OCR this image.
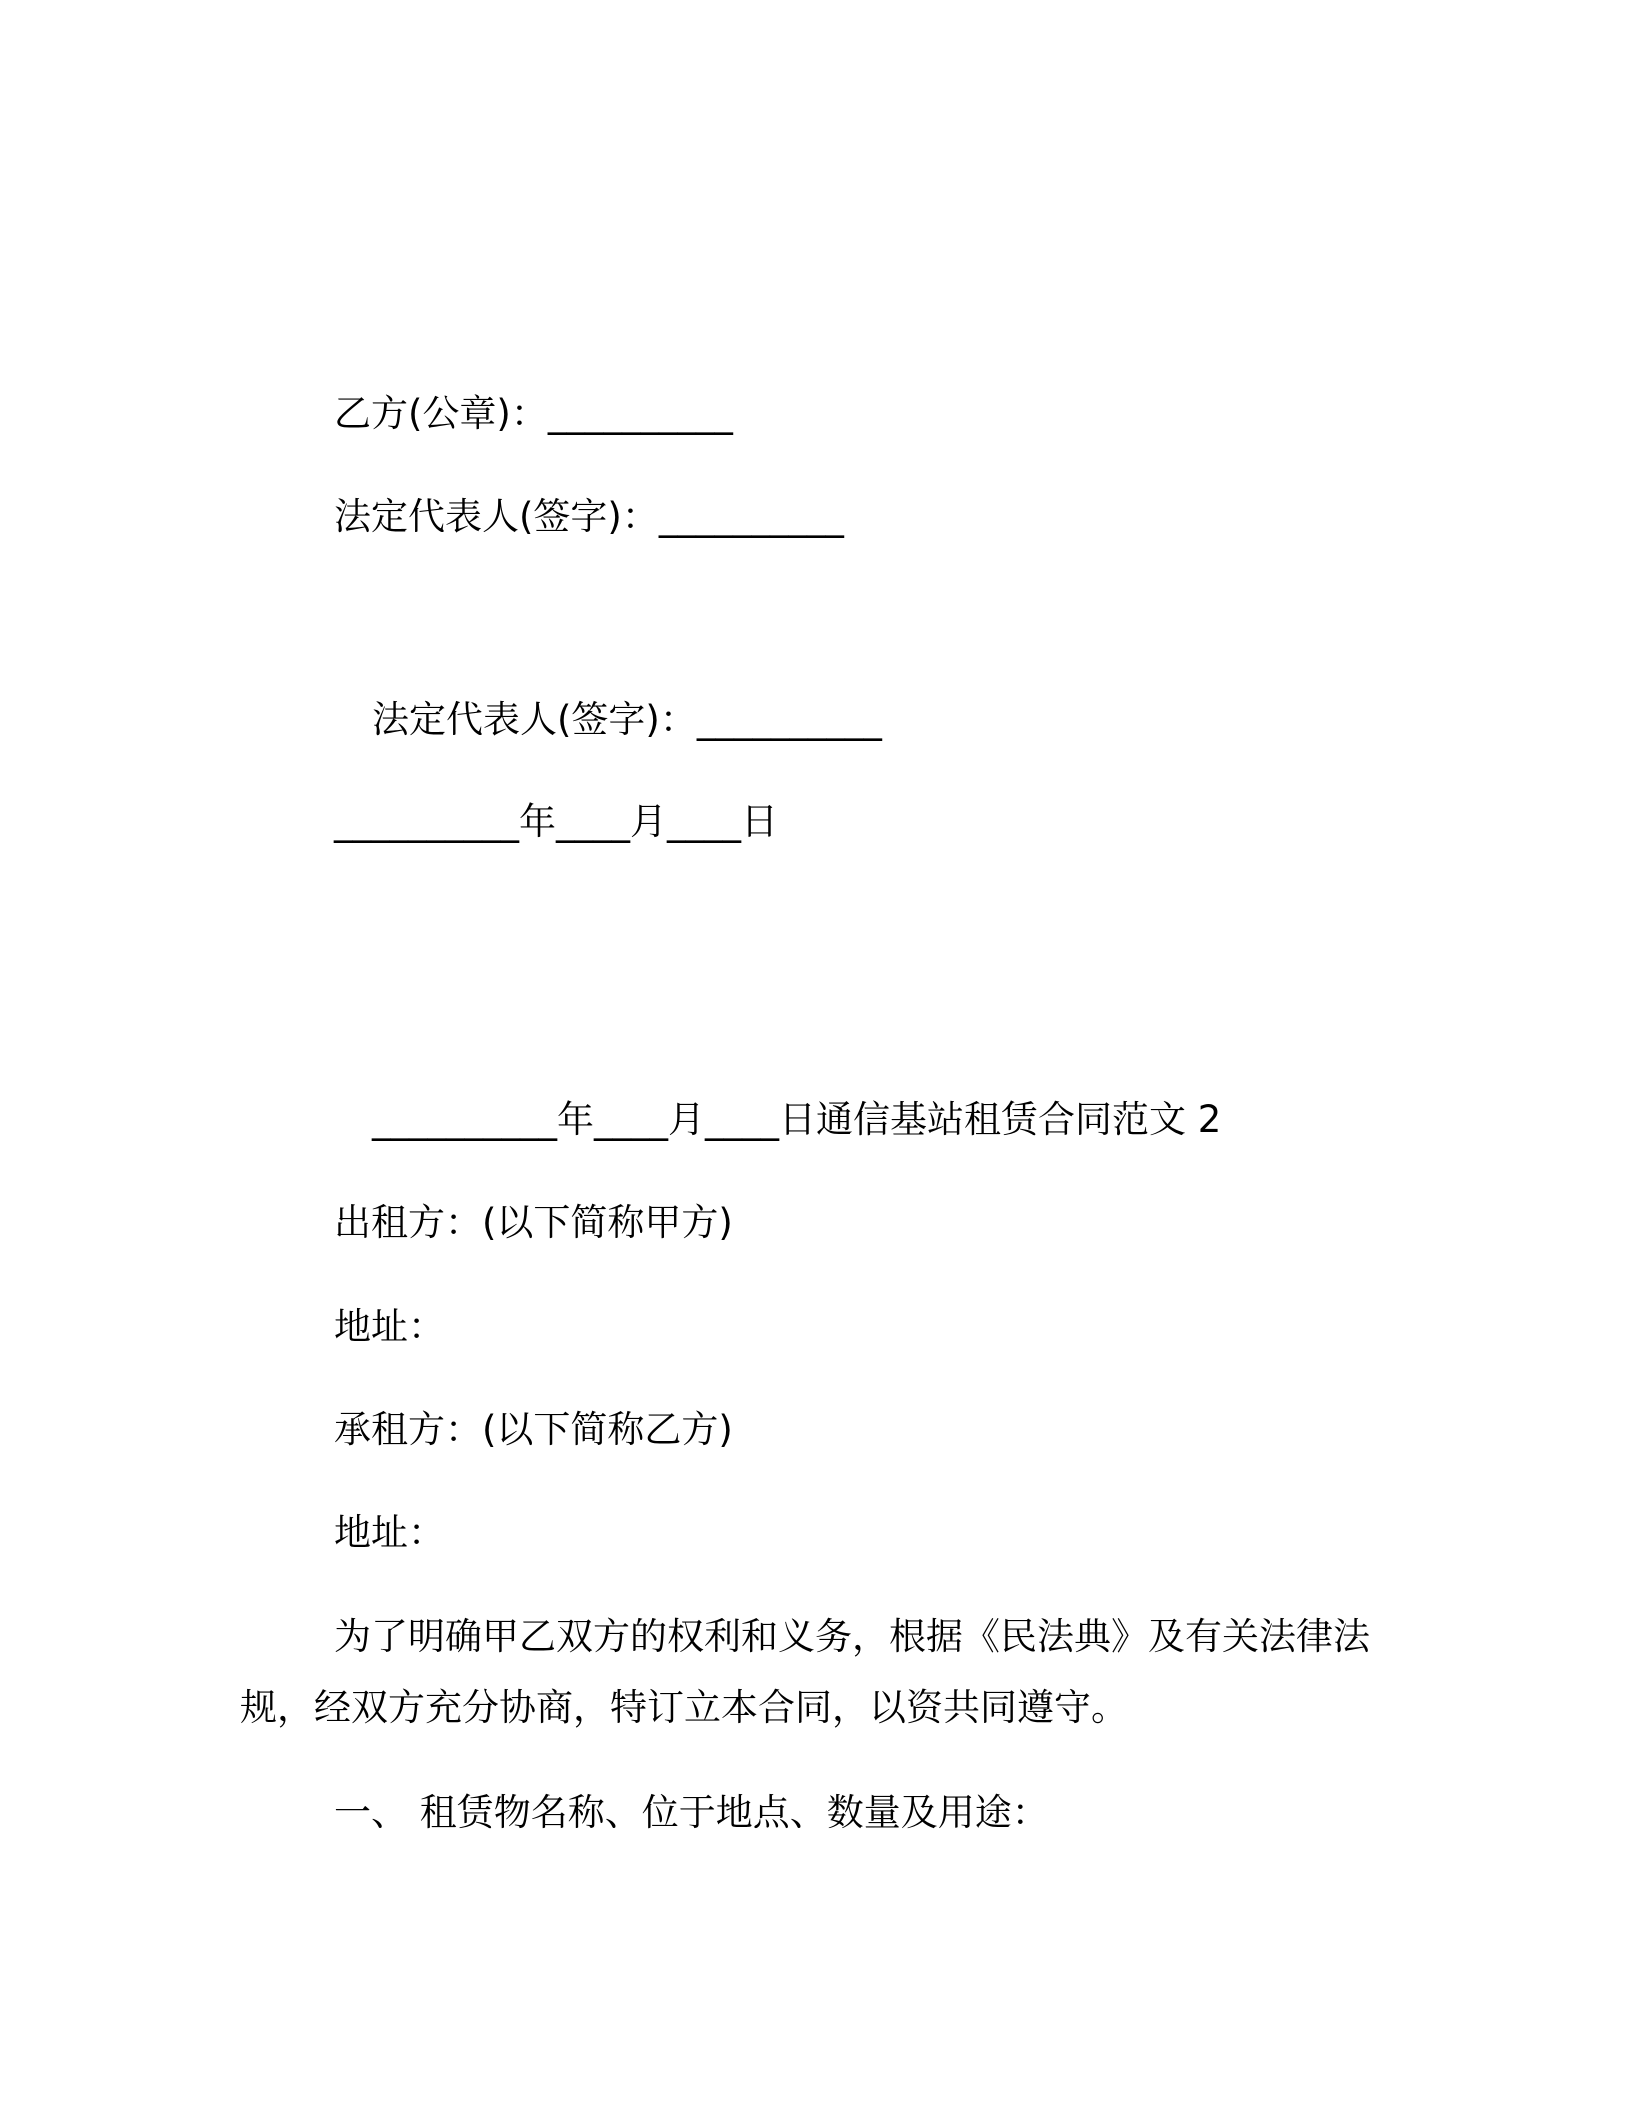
乙方(公章)：__________
法定代表人(签字)：__________
法定代表人(签字)：__________
__________年____月____日
__________年____月____日通信基站租赁合同范文 2
出租方：(以下简称甲方)
地址：
承租方：(以下简称乙方)
地址：
为了明确甲乙双方的权利和义务，根据《民法典》及有关法律法
规，经双方充分协商，特订立本合同，以资共同遵守。
一、 租赁物名称、位于地点、数量及用途：
